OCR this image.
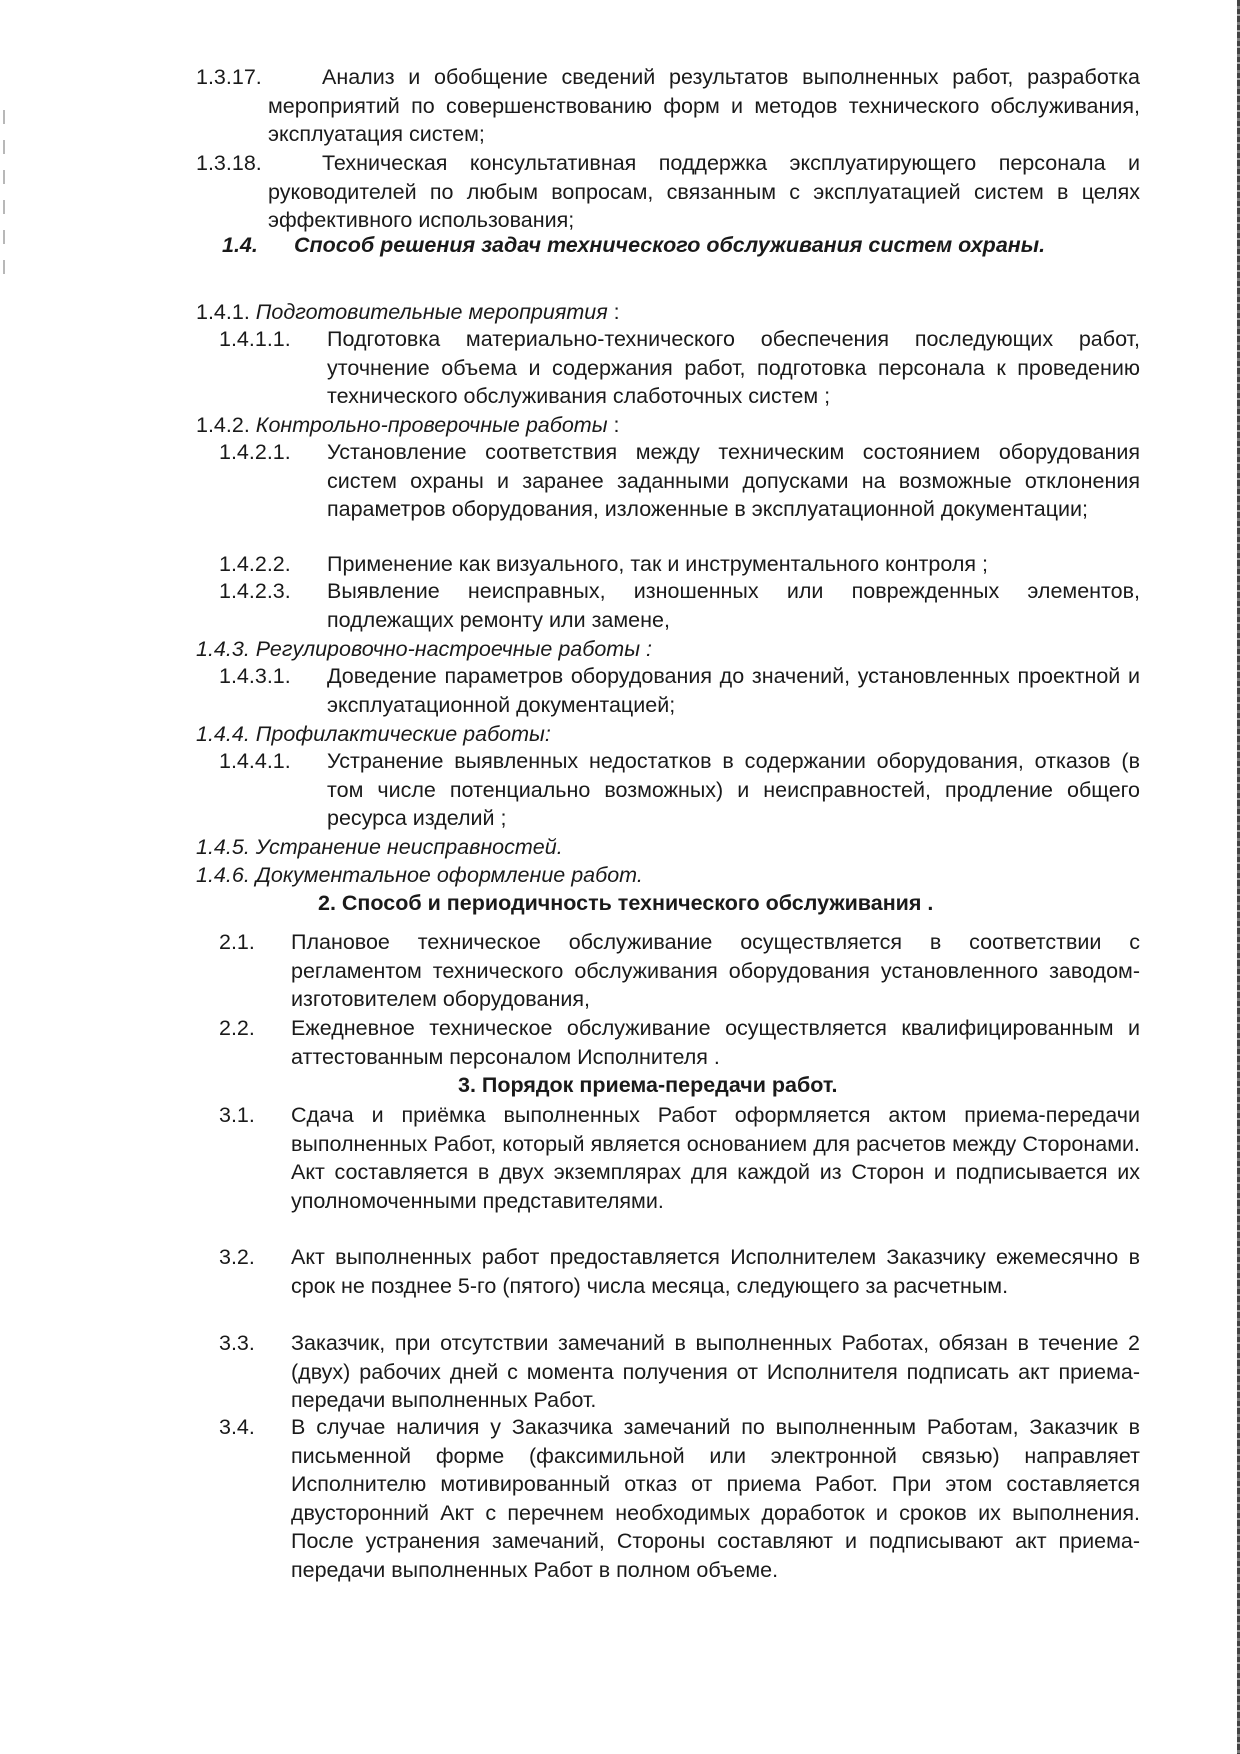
1.3.17.	Анализ и обобщение сведений результатов выполненных работ, разработка мероприятий по совершенствованию форм и методов технического обслуживания, эксплуатация систем;
1.3.18.	Техническая консультативная поддержка эксплуатирующего персонала и руководителей по любым вопросам, связанным с эксплуатацией систем в целях эффективного использования;
1.4. Способ решения задач технического обслуживания систем охраны.
1.4.1. Подготовительные мероприятия :
1.4.1.1. Подготовка материально-технического обеспечения последующих работ, уточнение объема и содержания работ, подготовка персонала к проведению технического обслуживания слаботочных систем ;
1.4.2. Контрольно-проверочные работы :
1.4.2.1. Установление соответствия между техническим состоянием оборудования систем охраны и заранее заданными допусками на возможные отклонения параметров оборудования, изложенные в эксплуатационной документации;
1.4.2.2. Применение как визуального, так и инструментального контроля ;
1.4.2.3. Выявление неисправных, изношенных или поврежденных элементов, подлежащих ремонту или замене,
1.4.3. Регулировочно-настроечные работы :
1.4.3.1. Доведение параметров оборудования до значений, установленных проектной и эксплуатационной документацией;
1.4.4. Профилактические работы:
1.4.4.1. Устранение выявленных недостатков в содержании оборудования, отказов (в том числе потенциально возможных) и неисправностей, продление общего ресурса изделий ;
1.4.5. Устранение неисправностей.
1.4.6. Документальное оформление работ.
2. Способ и периодичность технического обслуживания .
2.1. Плановое техническое обслуживание осуществляется в соответствии с регламентом технического обслуживания оборудования установленного заводом-изготовителем оборудования,
2.2. Ежедневное техническое обслуживание осуществляется квалифицированным и аттестованным персоналом Исполнителя .
3. Порядок приема-передачи работ.
3.1. Сдача и приёмка выполненных Работ оформляется актом приема-передачи выполненных Работ, который является основанием для расчетов между Сторонами. Акт составляется в двух экземплярах для каждой из Сторон и подписывается их уполномоченными представителями.
3.2. Акт выполненных работ предоставляется Исполнителем Заказчику ежемесячно в срок не позднее 5-го (пятого) числа месяца, следующего за расчетным.
3.3. Заказчик, при отсутствии замечаний в выполненных Работах, обязан в течение 2 (двух) рабочих дней с момента получения от Исполнителя подписать акт приема-передачи выполненных Работ.
3.4. В случае наличия у Заказчика замечаний по выполненным Работам, Заказчик в письменной форме (факсимильной или электронной связью) направляет Исполнителю мотивированный отказ от приема Работ. При этом составляется двусторонний Акт с перечнем необходимых доработок и сроков их выполнения. После устранения замечаний, Стороны составляют и подписывают акт приема-передачи выполненных Работ в полном объеме.
